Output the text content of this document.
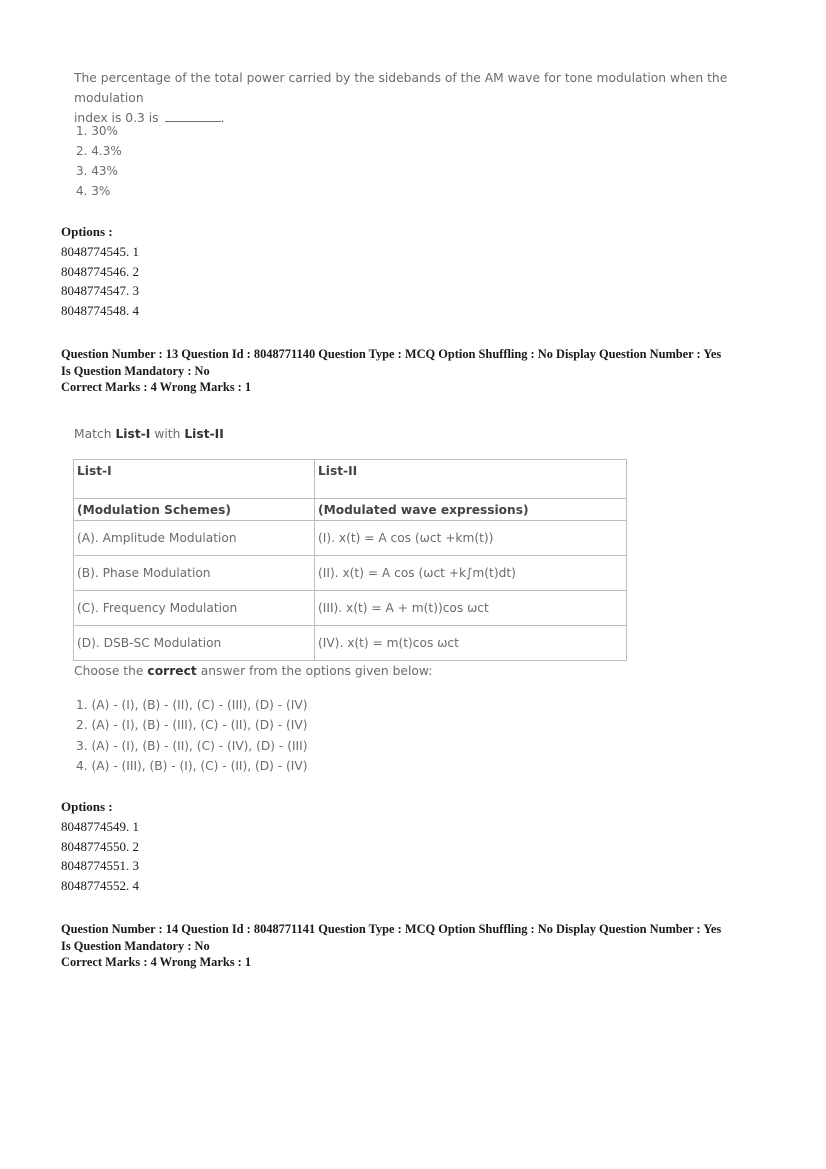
The percentage of the total power carried by the sidebands of the AM wave for tone modulation when the modulation
index is 0.3 is	.
1. 30%
2. 4.3%
3. 43%
4. 3%
Options :
8048774545. 1
8048774546. 2
8048774547. 3
8048774548. 4
Question Number : 13 Question Id : 8048771140 Question Type : MCQ Option Shuffling : No Display Question Number : Yes
Is Question Mandatory : No
Correct Marks : 4 Wrong Marks : 1
Match List-I with List-II
List-I	List-II
(Modulation Schemes)	(Modulated wave expressions)
(A). Amplitude Modulation	(I). x(t) = A cos (ωct +km(t))
(B). Phase Modulation	(II). x(t) = A cos (ωct +k∫m(t)dt)
(C). Frequency Modulation	(III). x(t) = A + m(t))cos ωct
(D). DSB-SC Modulation	(IV). x(t) = m(t)cos ωct
Choose the correct answer from the options given below:
1. (A) - (I), (B) - (II), (C) - (III), (D) - (IV)
2. (A) - (I), (B) - (III), (C) - (II), (D) - (IV)
3. (A) - (I), (B) - (II), (C) - (IV), (D) - (III)
4. (A) - (III), (B) - (I), (C) - (II), (D) - (IV)
Options :
8048774549. 1
8048774550. 2
8048774551. 3
8048774552. 4
Question Number : 14 Question Id : 8048771141 Question Type : MCQ Option Shuffling : No Display Question Number : Yes
Is Question Mandatory : No
Correct Marks : 4 Wrong Marks : 1
